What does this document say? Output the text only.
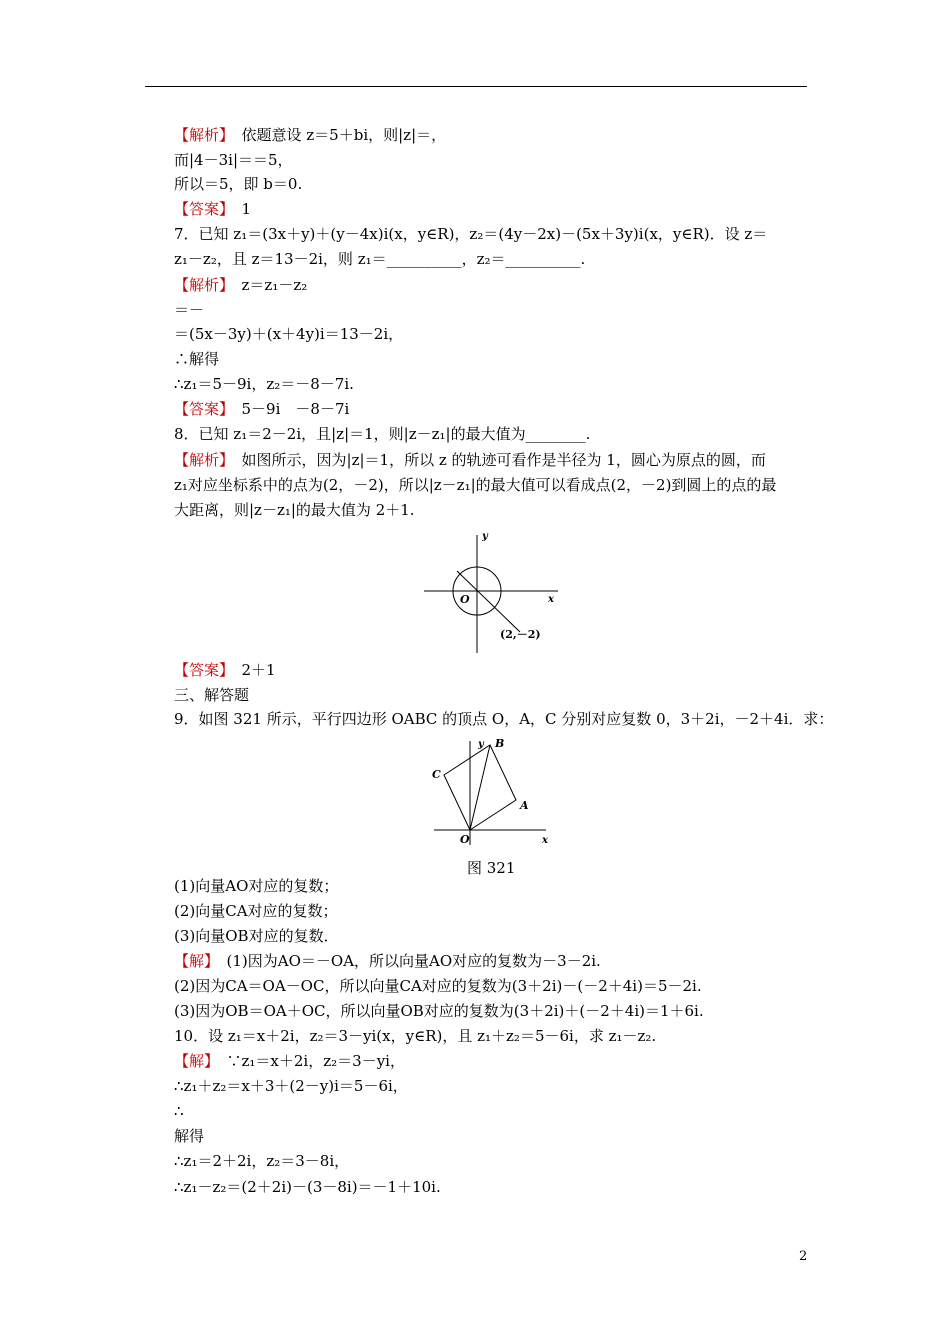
【解析】　依题意设 z＝5＋bi，则|z|＝，
而|4－3i|＝＝5，
所以＝5，即 b＝0.
【答案】　1
7．已知 z₁＝(3x＋y)＋(y－4x)i(x，y∈R)，z₂＝(4y－2x)－(5x＋3y)i(x，y∈R)．设 z＝
z₁－z₂，且 z＝13－2i，则 z₁＝__________，z₂＝__________.
【解析】　z＝z₁－z₂
＝－
＝(5x－3y)＋(x＋4y)i＝13－2i，
∴解得
∴z₁＝5－9i，z₂＝－8－7i.
【答案】　5－9i　－8－7i
8．已知 z₁＝2－2i，且|z|＝1，则|z－z₁|的最大值为________.
【解析】　如图所示，因为|z|＝1，所以 z 的轨迹可看作是半径为 1，圆心为原点的圆，而
z₁对应坐标系中的点为(2，－2)，所以|z－z₁|的最大值可以看成点(2，－2)到圆上的点的最
大距离，则|z－z₁|的最大值为 2＋1.
【答案】　2＋1
三、解答题
9．如图 321 所示，平行四边形 OABC 的顶点 O，A，C 分别对应复数 0，3＋2i，－2＋4i．求：
(1)向量AO对应的复数；
(2)向量CA对应的复数；
(3)向量OB对应的复数．
【解】　(1)因为AO＝－OA，所以向量AO对应的复数为－3－2i.
(2)因为CA＝OA－OC，所以向量CA对应的复数为(3＋2i)－(－2＋4i)＝5－2i.
(3)因为OB＝OA＋OC，所以向量OB对应的复数为(3＋2i)＋(－2＋4i)＝1＋6i.
10．设 z₁＝x＋2i，z₂＝3－yi(x，y∈R)，且 z₁＋z₂＝5－6i，求 z₁－z₂.
【解】　∵z₁＝x＋2i，z₂＝3－yi，
∴z₁＋z₂＝x＋3＋(2－y)i＝5－6i，
∴
解得
∴z₁＝2＋2i，z₂＝3－8i，
∴z₁－z₂＝(2＋2i)－(3－8i)＝－1＋10i.
y
x
O
(2,－2)
y B
C
A
O	x
图 321
2
